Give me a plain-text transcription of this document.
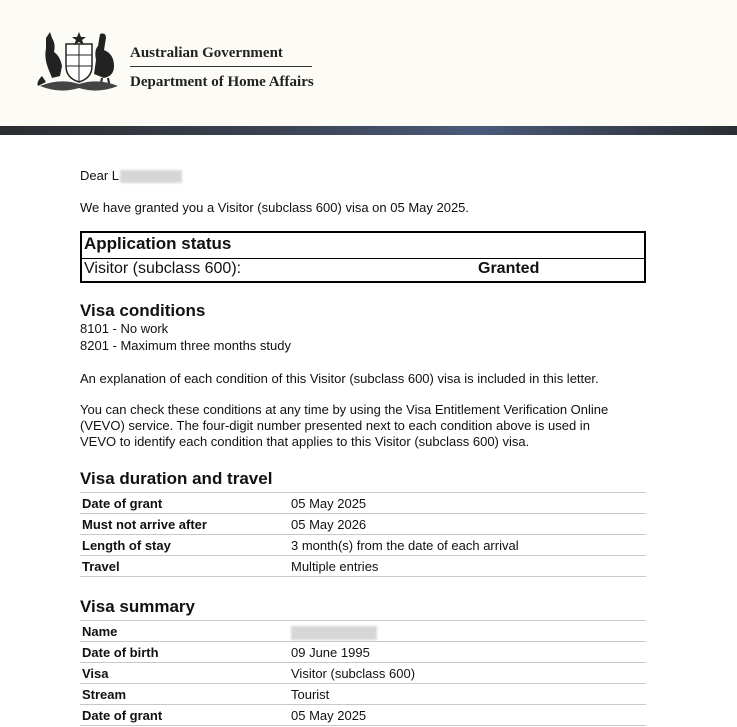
Australian Government
Department of Home Affairs
Dear L
We have granted you a Visitor (subclass 600) visa on 05 May 2025.
Application status
Visitor (subclass 600):	Granted
Visa conditions
8101 - No work
8201 - Maximum three months study
An explanation of each condition of this Visitor (subclass 600) visa is included in this letter.
You can check these conditions at any time by using the Visa Entitlement Verification Online
(VEVO) service. The four-digit number presented next to each condition above is used in
VEVO to identify each condition that applies to this Visitor (subclass 600) visa.
Visa duration and travel
Date of grant	05 May 2025
Must not arrive after	05 May 2026
Length of stay	3 month(s) from the date of each arrival
Travel	Multiple entries
Visa summary
Name
Date of birth	09 June 1995
Visa	Visitor (subclass 600)
Stream	Tourist
Date of grant	05 May 2025
